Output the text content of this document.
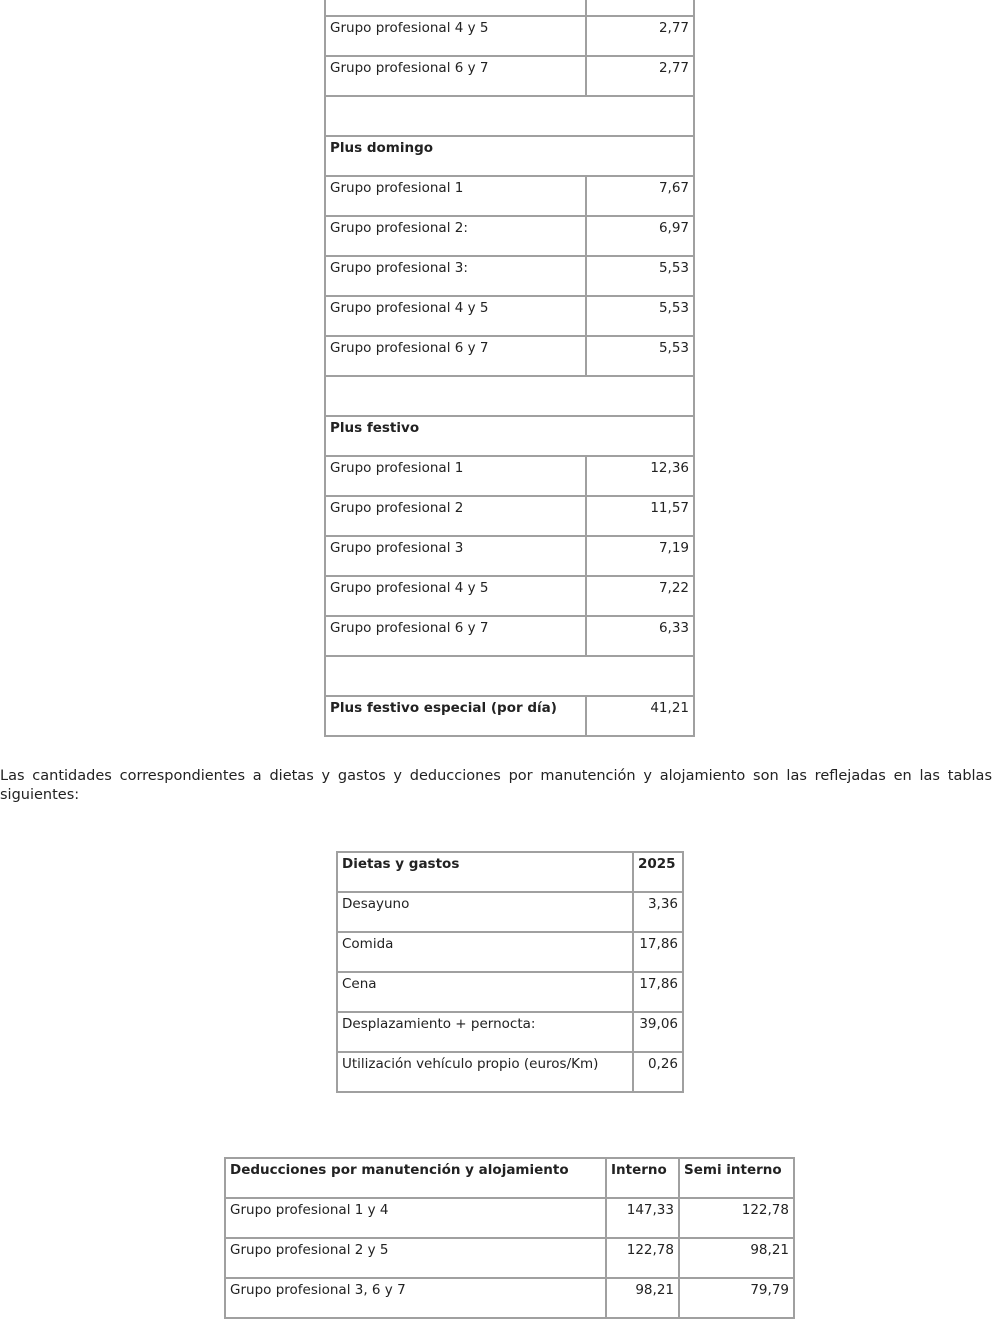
Grupo profesional 4 y 5	2,77
Grupo profesional 6 y 7	2,77

Plus domingo	
Grupo profesional 1	7,67
Grupo profesional 2:	6,97
Grupo profesional 3:	5,53
Grupo profesional 4 y 5	5,53
Grupo profesional 6 y 7	5,53

Plus festivo	
Grupo profesional 1	12,36
Grupo profesional 2	11,57
Grupo profesional 3	7,19
Grupo profesional 4 y 5	7,22
Grupo profesional 6 y 7	6,33

Plus festivo especial (por día)	41,21

Las cantidades correspondientes a dietas y gastos y deducciones por manutención y alojamiento son las reflejadas en las tablas siguientes:

Dietas y gastos	2025
Desayuno	3,36
Comida	17,86
Cena	17,86
Desplazamiento + pernocta:	39,06
Utilización vehículo propio (euros/Km)	0,26
Deducciones por manutención y alojamiento	Interno	Semi interno
Grupo profesional 1 y 4	147,33	122,78
Grupo profesional 2 y 5	122,78	98,21
Grupo profesional 3, 6 y 7	98,21	79,79
